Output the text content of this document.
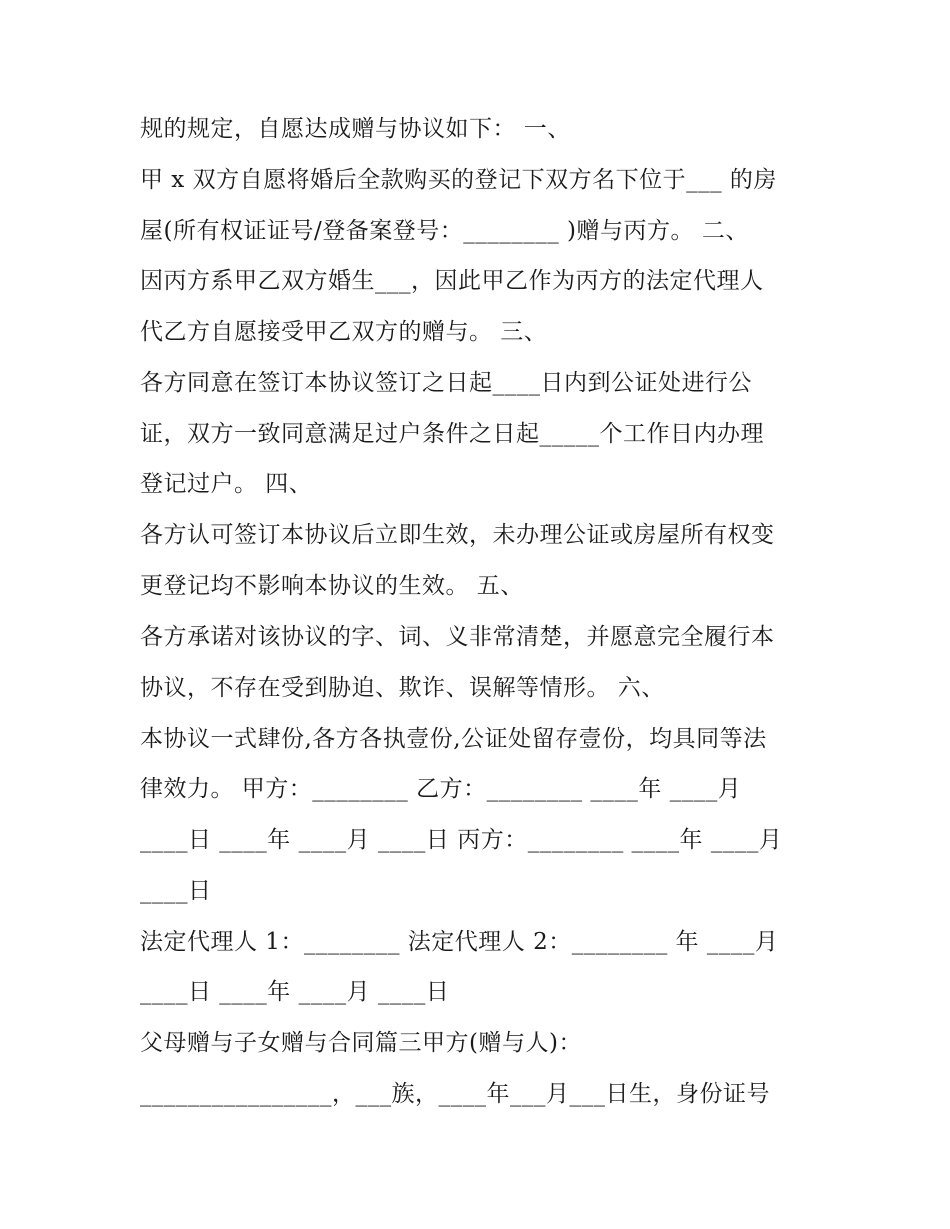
规的规定，自愿达成赠与协议如下： 一、
甲 x 双方自愿将婚后全款购买的登记下双方名下位于___ 的房
屋(所有权证证号/登备案登号：________ )赠与丙方。 二、
因丙方系甲乙双方婚生___，因此甲乙作为丙方的法定代理人
代乙方自愿接受甲乙双方的赠与。 三、
各方同意在签订本协议签订之日起____日内到公证处进行公
证，双方一致同意满足过户条件之日起_____个工作日内办理
登记过户。 四、
各方认可签订本协议后立即生效，未办理公证或房屋所有权变
更登记均不影响本协议的生效。 五、
各方承诺对该协议的字、词、义非常清楚，并愿意完全履行本
协议，不存在受到胁迫、欺诈、误解等情形。 六、
本协议一式肆份,各方各执壹份,公证处留存壹份，均具同等法
律效力。 甲方：________ 乙方：________ ____年 ____月
____日 ____年 ____月 ____日 丙方：________ ____年 ____月
____日
法定代理人 1：________ 法定代理人 2：________ 年 ____月
____日 ____年 ____月 ____日
父母赠与子女赠与合同篇三甲方(赠与人)：
________________，___族，____年___月___日生，身份证号
